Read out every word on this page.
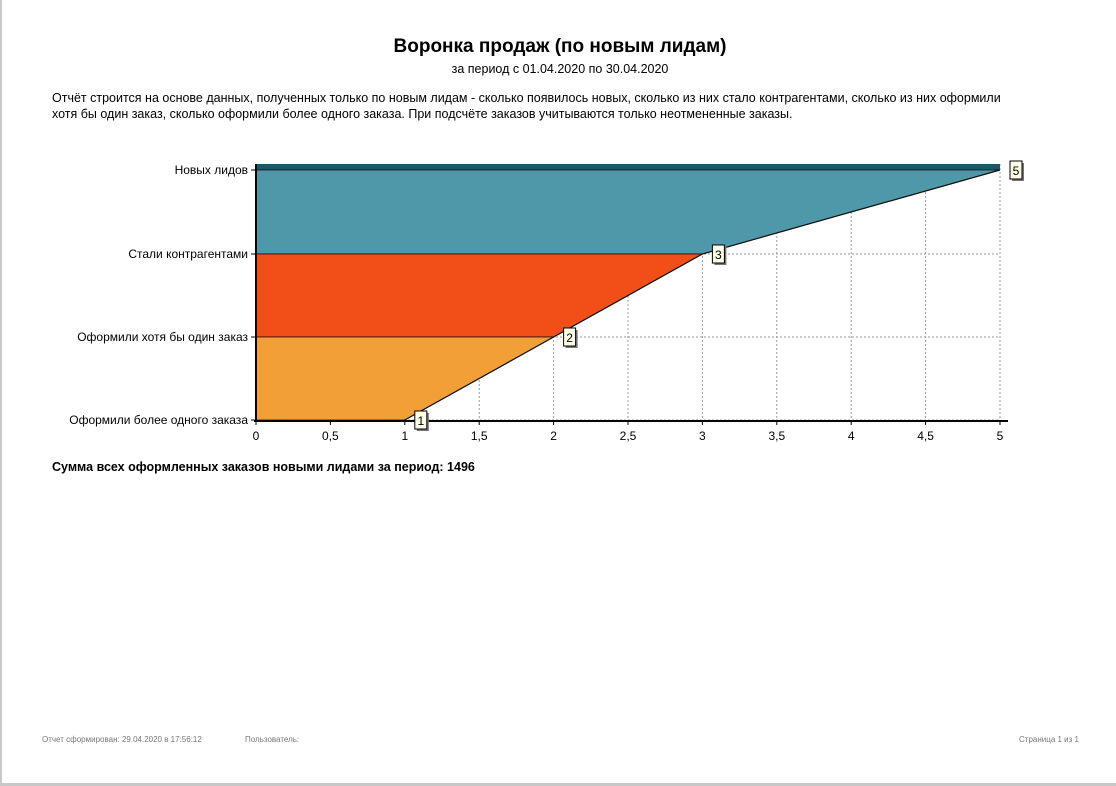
Воронка продаж (по новым лидам)
за период с 01.04.2020 по 30.04.2020
Отчёт строится на основе данных, полученных только по новым лидам - сколько появилось новых, сколько из них стало контрагентами, сколько из них оформили хотя бы один заказ, сколько оформили более одного заказа. При подсчёте заказов учитываются только неотмененные заказы.
0	0,5	1	1,5	2	2,5	3	3,5	4	4,5	5
Новых лидов
Стали контрагентами
Оформили хотя бы один заказ
Оформили более одного заказа
5
3
2
1
Сумма всех оформленных заказов новыми лидами за период: 1496
Отчет сформирован: 29.04.2020 в 17:56:12	Пользователь:	Страница 1 из 1
